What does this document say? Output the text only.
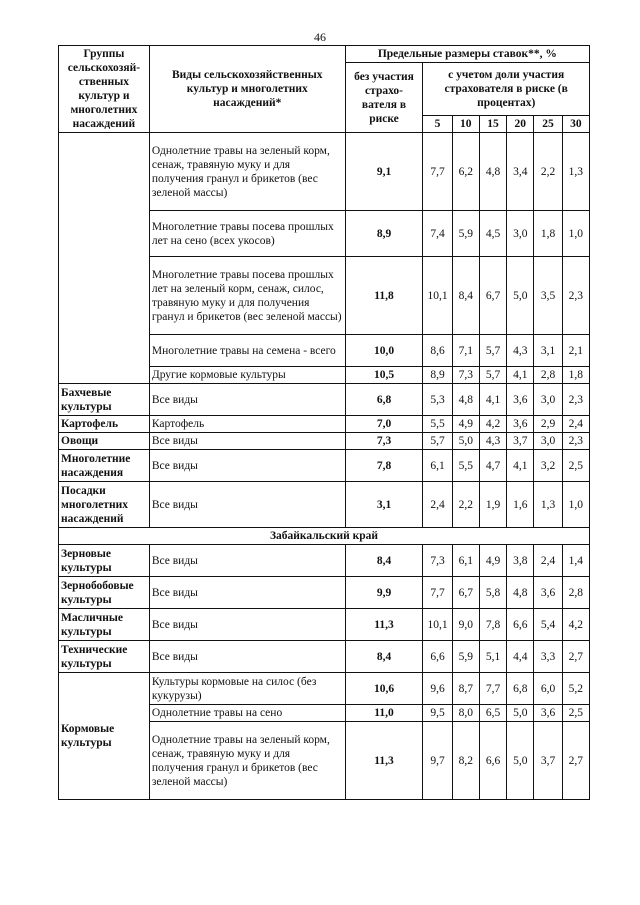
46
Группы сельскохозяй- ственных культур и многолетних насаждений	Виды сельскохозяйственных культур и многолетних насаждений*	Предельные размеры ставок**, %						
		без участия страхо- вателя в риске	с учетом доли участия страхователя в риске (в процентах)					
			5	10	15	20	25	30
	Однолетние травы на зеленый корм, сенаж, травяную муку и для получения гранул и брикетов (вес зеленой массы)	9,1	7,7	6,2	4,8	3,4	2,2	1,3
	Многолетние травы посева прошлых лет на сено (всех укосов)	8,9	7,4	5,9	4,5	3,0	1,8	1,0
	Многолетние травы посева прошлых лет на зеленый корм, сенаж, силос, травяную муку и для получения гранул и брикетов (вес зеленой массы)	11,8	10,1	8,4	6,7	5,0	3,5	2,3
	Многолетние травы на семена - всего	10,0	8,6	7,1	5,7	4,3	3,1	2,1
	Другие кормовые культуры	10,5	8,9	7,3	5,7	4,1	2,8	1,8
Бахчевые культуры	Все виды	6,8	5,3	4,8	4,1	3,6	3,0	2,3
Картофель	Картофель	7,0	5,5	4,9	4,2	3,6	2,9	2,4
Овощи	Все виды	7,3	5,7	5,0	4,3	3,7	3,0	2,3
Многолетние насаждения	Все виды	7,8	6,1	5,5	4,7	4,1	3,2	2,5
Посадки многолетних насаждений	Все виды	3,1	2,4	2,2	1,9	1,6	1,3	1,0
Забайкальский край								
Зерновые культуры	Все виды	8,4	7,3	6,1	4,9	3,8	2,4	1,4
Зернобобовые культуры	Все виды	9,9	7,7	6,7	5,8	4,8	3,6	2,8
Масличные культуры	Все виды	11,3	10,1	9,0	7,8	6,6	5,4	4,2
Технические культуры	Все виды	8,4	6,6	5,9	5,1	4,4	3,3	2,7
Кормовые культуры	Культуры кормовые на силос (без кукурузы)	10,6	9,6	8,7	7,7	6,8	6,0	5,2
	Однолетние травы на сено	11,0	9,5	8,0	6,5	5,0	3,6	2,5
	Однолетние травы на зеленый корм, сенаж, травяную муку и для получения гранул и брикетов (вес зеленой массы)	11,3	9,7	8,2	6,6	5,0	3,7	2,7
